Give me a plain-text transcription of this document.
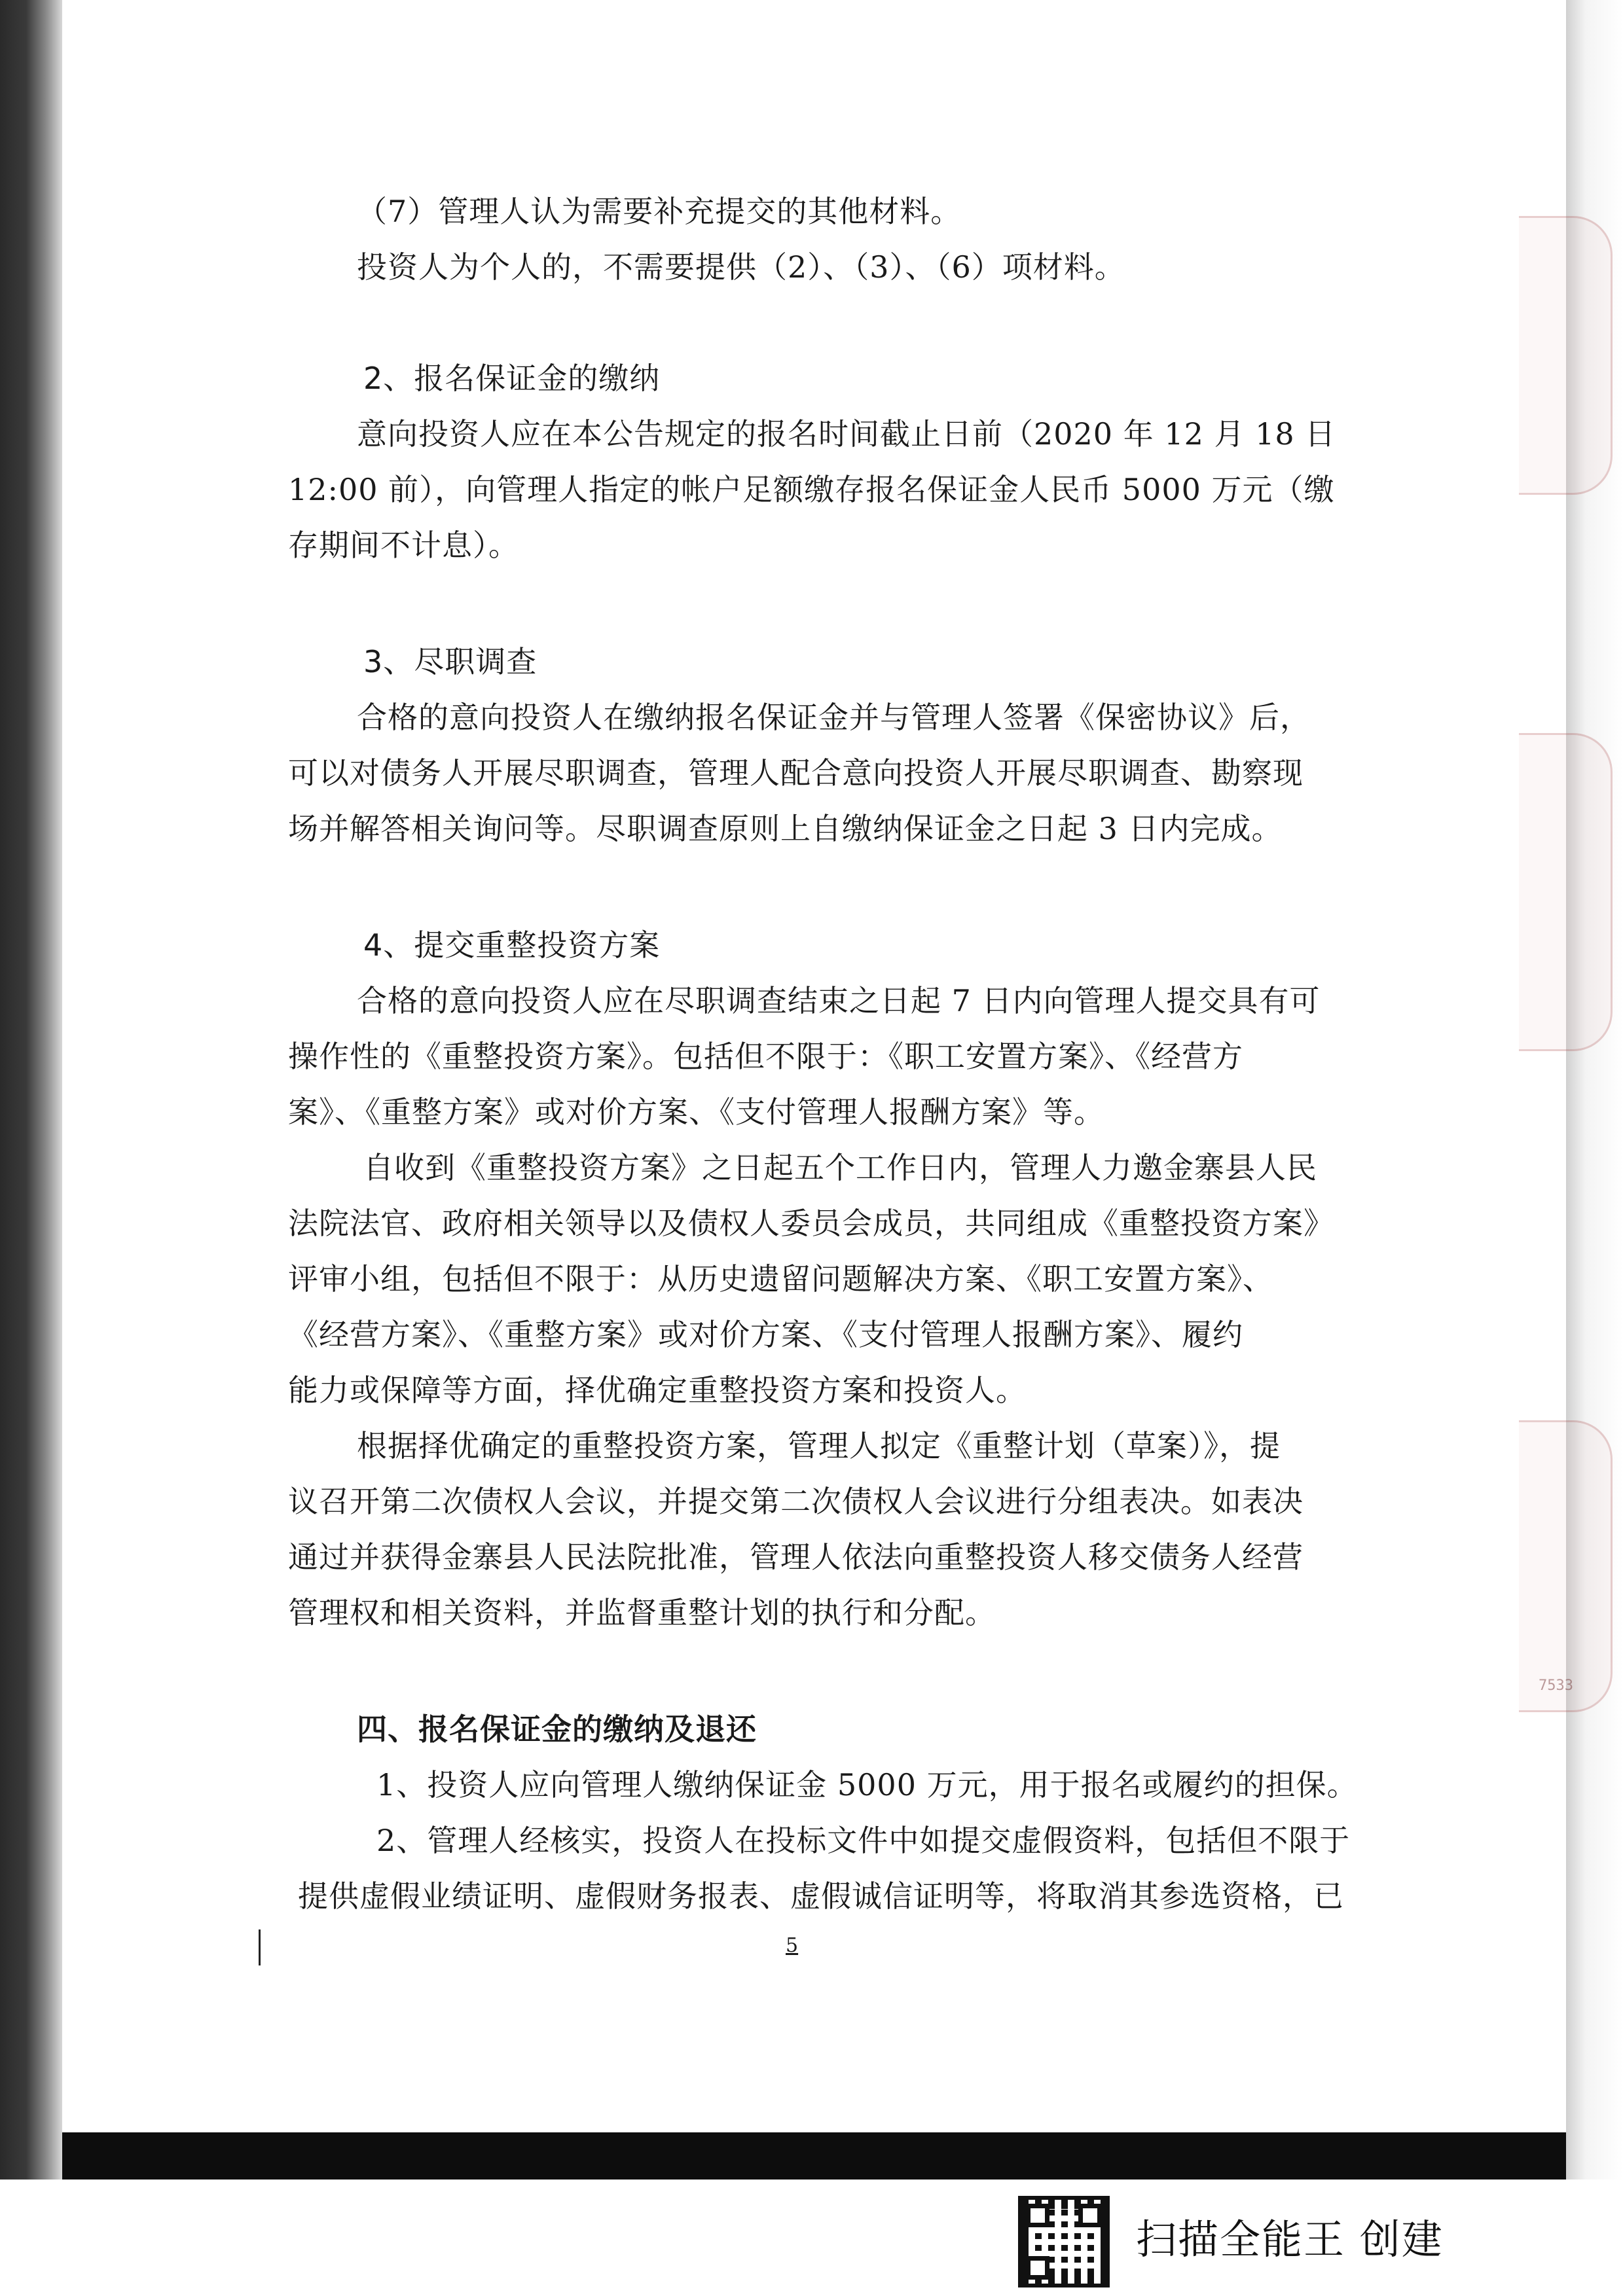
7533
（7）管理人认为需要补充提交的其他材料。
投资人为个人的，不需要提供（2）、（3）、（6）项材料。
2、报名保证金的缴纳
意向投资人应在本公告规定的报名时间截止日前（2020 年 12 月 18 日
12:00 前），向管理人指定的帐户足额缴存报名保证金人民币 5000 万元（缴
存期间不计息）。
3、尽职调查
合格的意向投资人在缴纳报名保证金并与管理人签署《保密协议》后，
可以对债务人开展尽职调查，管理人配合意向投资人开展尽职调查、勘察现
场并解答相关询问等。尽职调查原则上自缴纳保证金之日起 3 日内完成。
4、提交重整投资方案
合格的意向投资人应在尽职调查结束之日起 7 日内向管理人提交具有可
操作性的《重整投资方案》。包括但不限于：《职工安置方案》、《经营方
案》、《重整方案》或对价方案、《支付管理人报酬方案》等。
自收到《重整投资方案》之日起五个工作日内，管理人力邀金寨县人民
法院法官、政府相关领导以及债权人委员会成员，共同组成《重整投资方案》
评审小组，包括但不限于：从历史遗留问题解决方案、《职工安置方案》、
《经营方案》、《重整方案》或对价方案、《支付管理人报酬方案》、履约
能力或保障等方面，择优确定重整投资方案和投资人。
根据择优确定的重整投资方案，管理人拟定《重整计划（草案）》，提
议召开第二次债权人会议，并提交第二次债权人会议进行分组表决。如表决
通过并获得金寨县人民法院批准，管理人依法向重整投资人移交债务人经营
管理权和相关资料，并监督重整计划的执行和分配。
四、报名保证金的缴纳及退还
1、投资人应向管理人缴纳保证金 5000 万元，用于报名或履约的担保。
2、管理人经核实，投资人在投标文件中如提交虚假资料，包括但不限于
提供虚假业绩证明、虚假财务报表、虚假诚信证明等，将取消其参选资格，已
5
扫描全能王 创建
